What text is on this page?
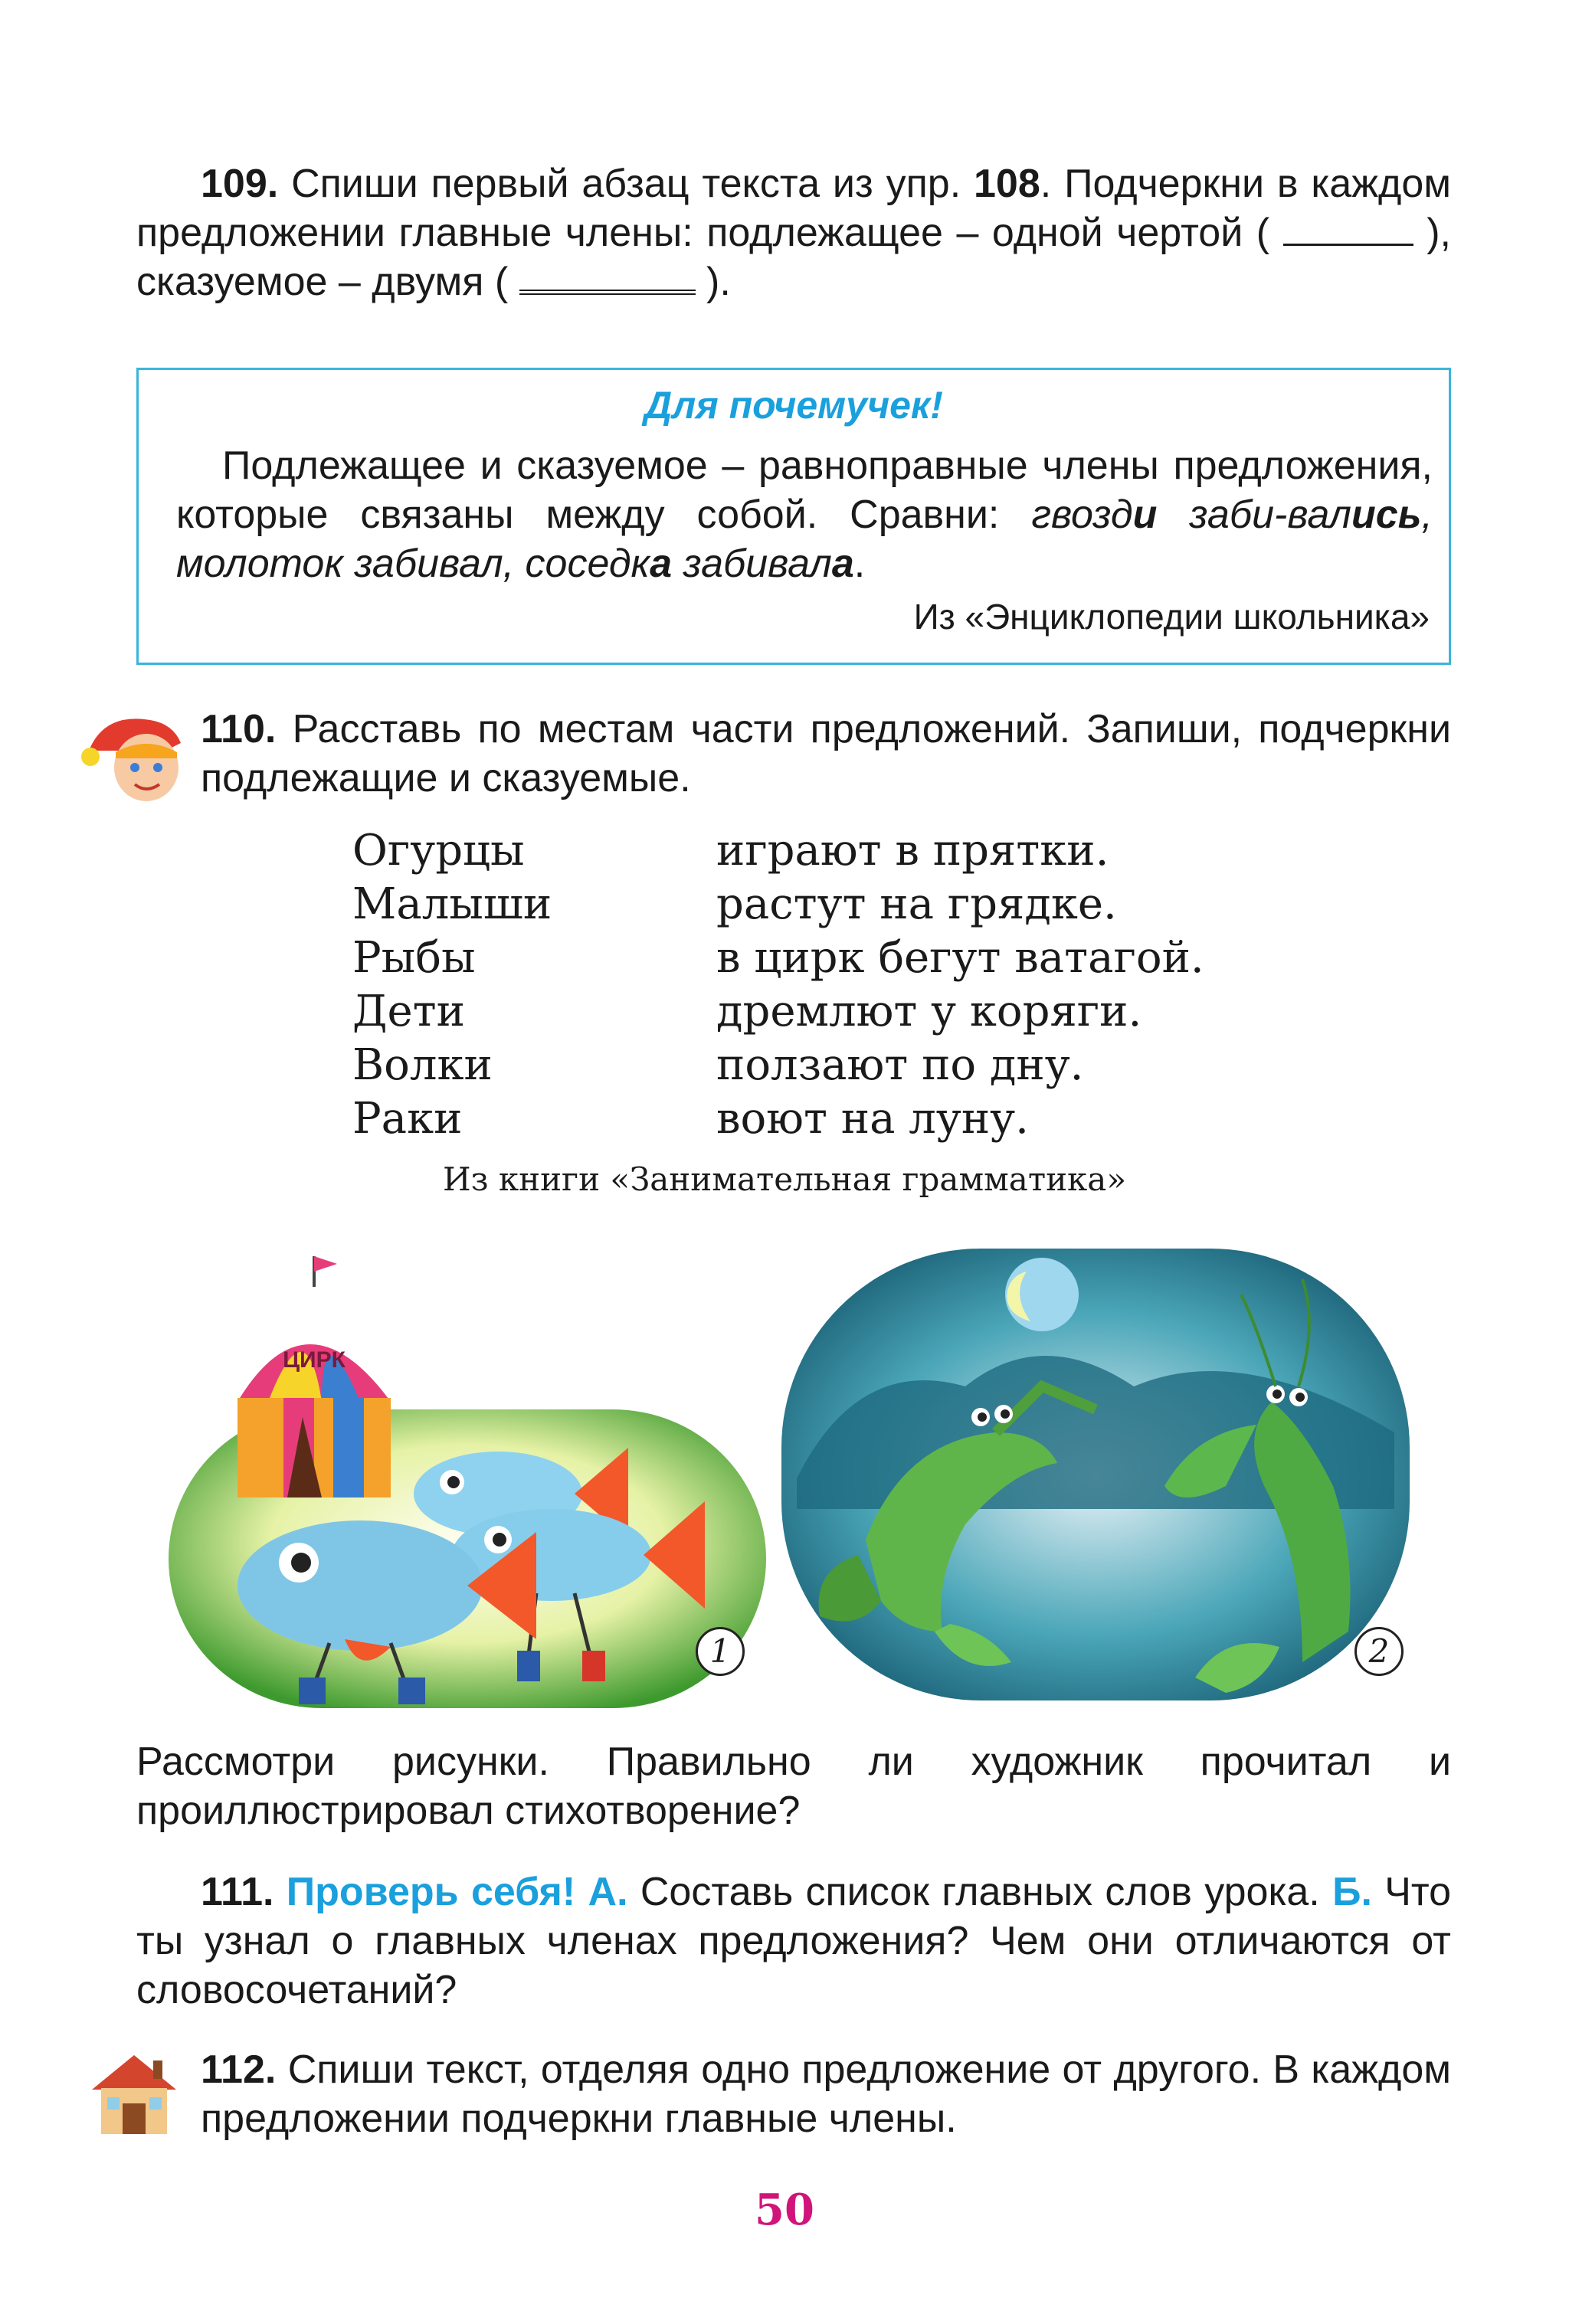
109. Спиши первый абзац текста из упр. 108. Подчеркни в каждом предложении главные члены: подлежащее – одной чертой (	), сказуемое – двумя (	).
Для почемучек!
Подлежащее и сказуемое – равноправные члены предложения, которые связаны между собой. Сравни: гвозди заби-вались, молоток забивал, соседка забивала.
Из «Энциклопедии школьника»
110. Расставь по местам части предложений. Запиши, подчеркни подлежащие и сказуемые.
Огурцы	играют в прятки.
Малыши	растут на грядке.
Рыбы	в цирк бегут ватагой.
Дети	дремлют у коряги.
Волки	ползают по дну.
Раки	воют на луну.
Из книги «Занимательная грамматика»
ЦИРК
1	2
Рассмотри рисунки. Правильно ли художник прочитал и проиллюстрировал стихотворение?
111. Проверь себя! А. Составь список главных слов урока. Б. Что ты узнал о главных членах предложения? Чем они отличаются от словосочетаний?
112. Спиши текст, отделяя одно предложение от другого. В каждом предложении подчеркни главные члены.
50
